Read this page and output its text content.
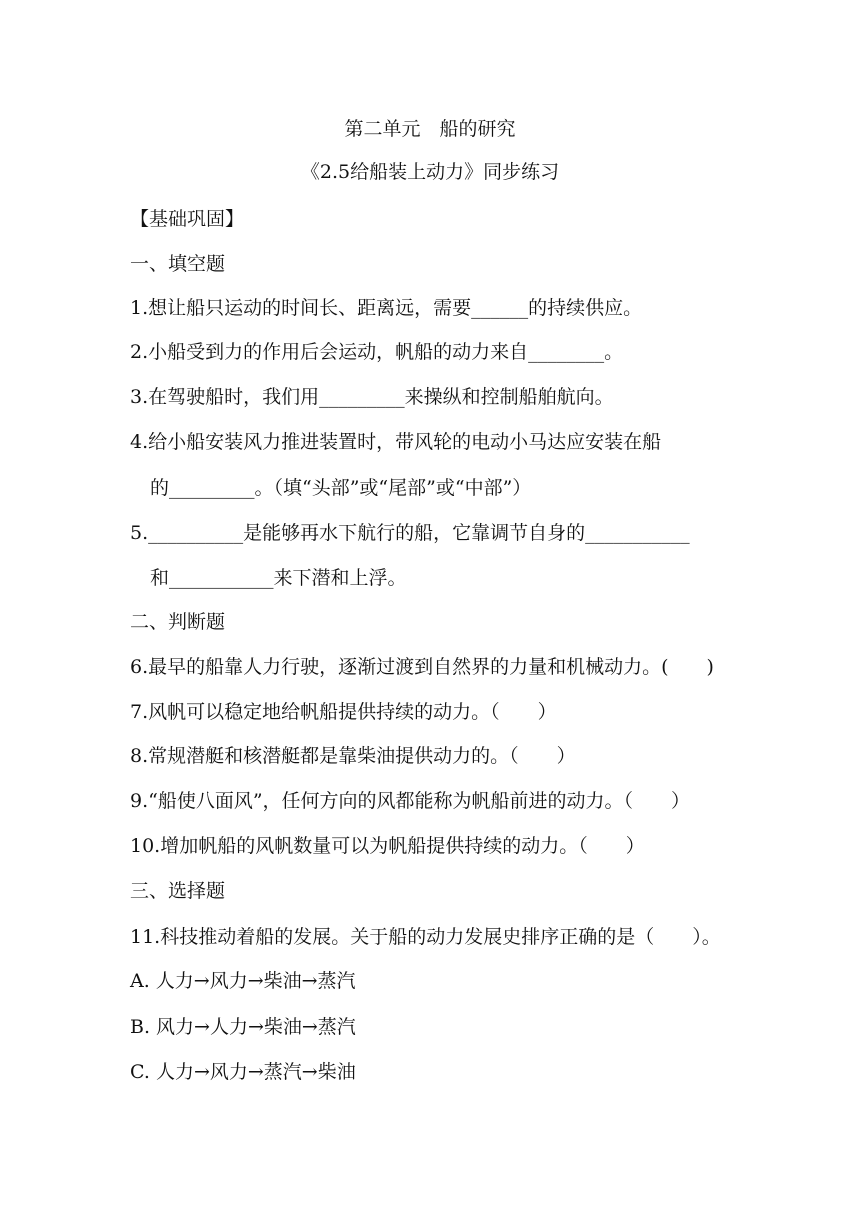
第二单元　船的研究
《2.5给船装上动力》同步练习
【基础巩固】
一、填空题
1.想让船只运动的时间长、距离远，需要______的持续供应。
2.小船受到力的作用后会运动，帆船的动力来自________。
3.在驾驶船时，我们用_________来操纵和控制船舶航向。
4.给小船安装风力推进装置时，带风轮的电动小马达应安装在船
的_________。（填“头部”或“尾部”或“中部”）
5.__________是能够再水下航行的船，它靠调节自身的___________
和___________来下潜和上浮。
二、判断题
6.最早的船靠人力行驶，逐渐过渡到自然界的力量和机械动力。(　　)
7.风帆可以稳定地给帆船提供持续的动力。（　　）
8.常规潜艇和核潜艇都是靠柴油提供动力的。（　　）
9.“船使八面风”，任何方向的风都能称为帆船前进的动力。（　　）
10.增加帆船的风帆数量可以为帆船提供持续的动力。（　　）
三、选择题
11.科技推动着船的发展。关于船的动力发展史排序正确的是（　　）。
A. 人力→风力→柴油→蒸汽
B. 风力→人力→柴油→蒸汽
C. 人力→风力→蒸汽→柴油
